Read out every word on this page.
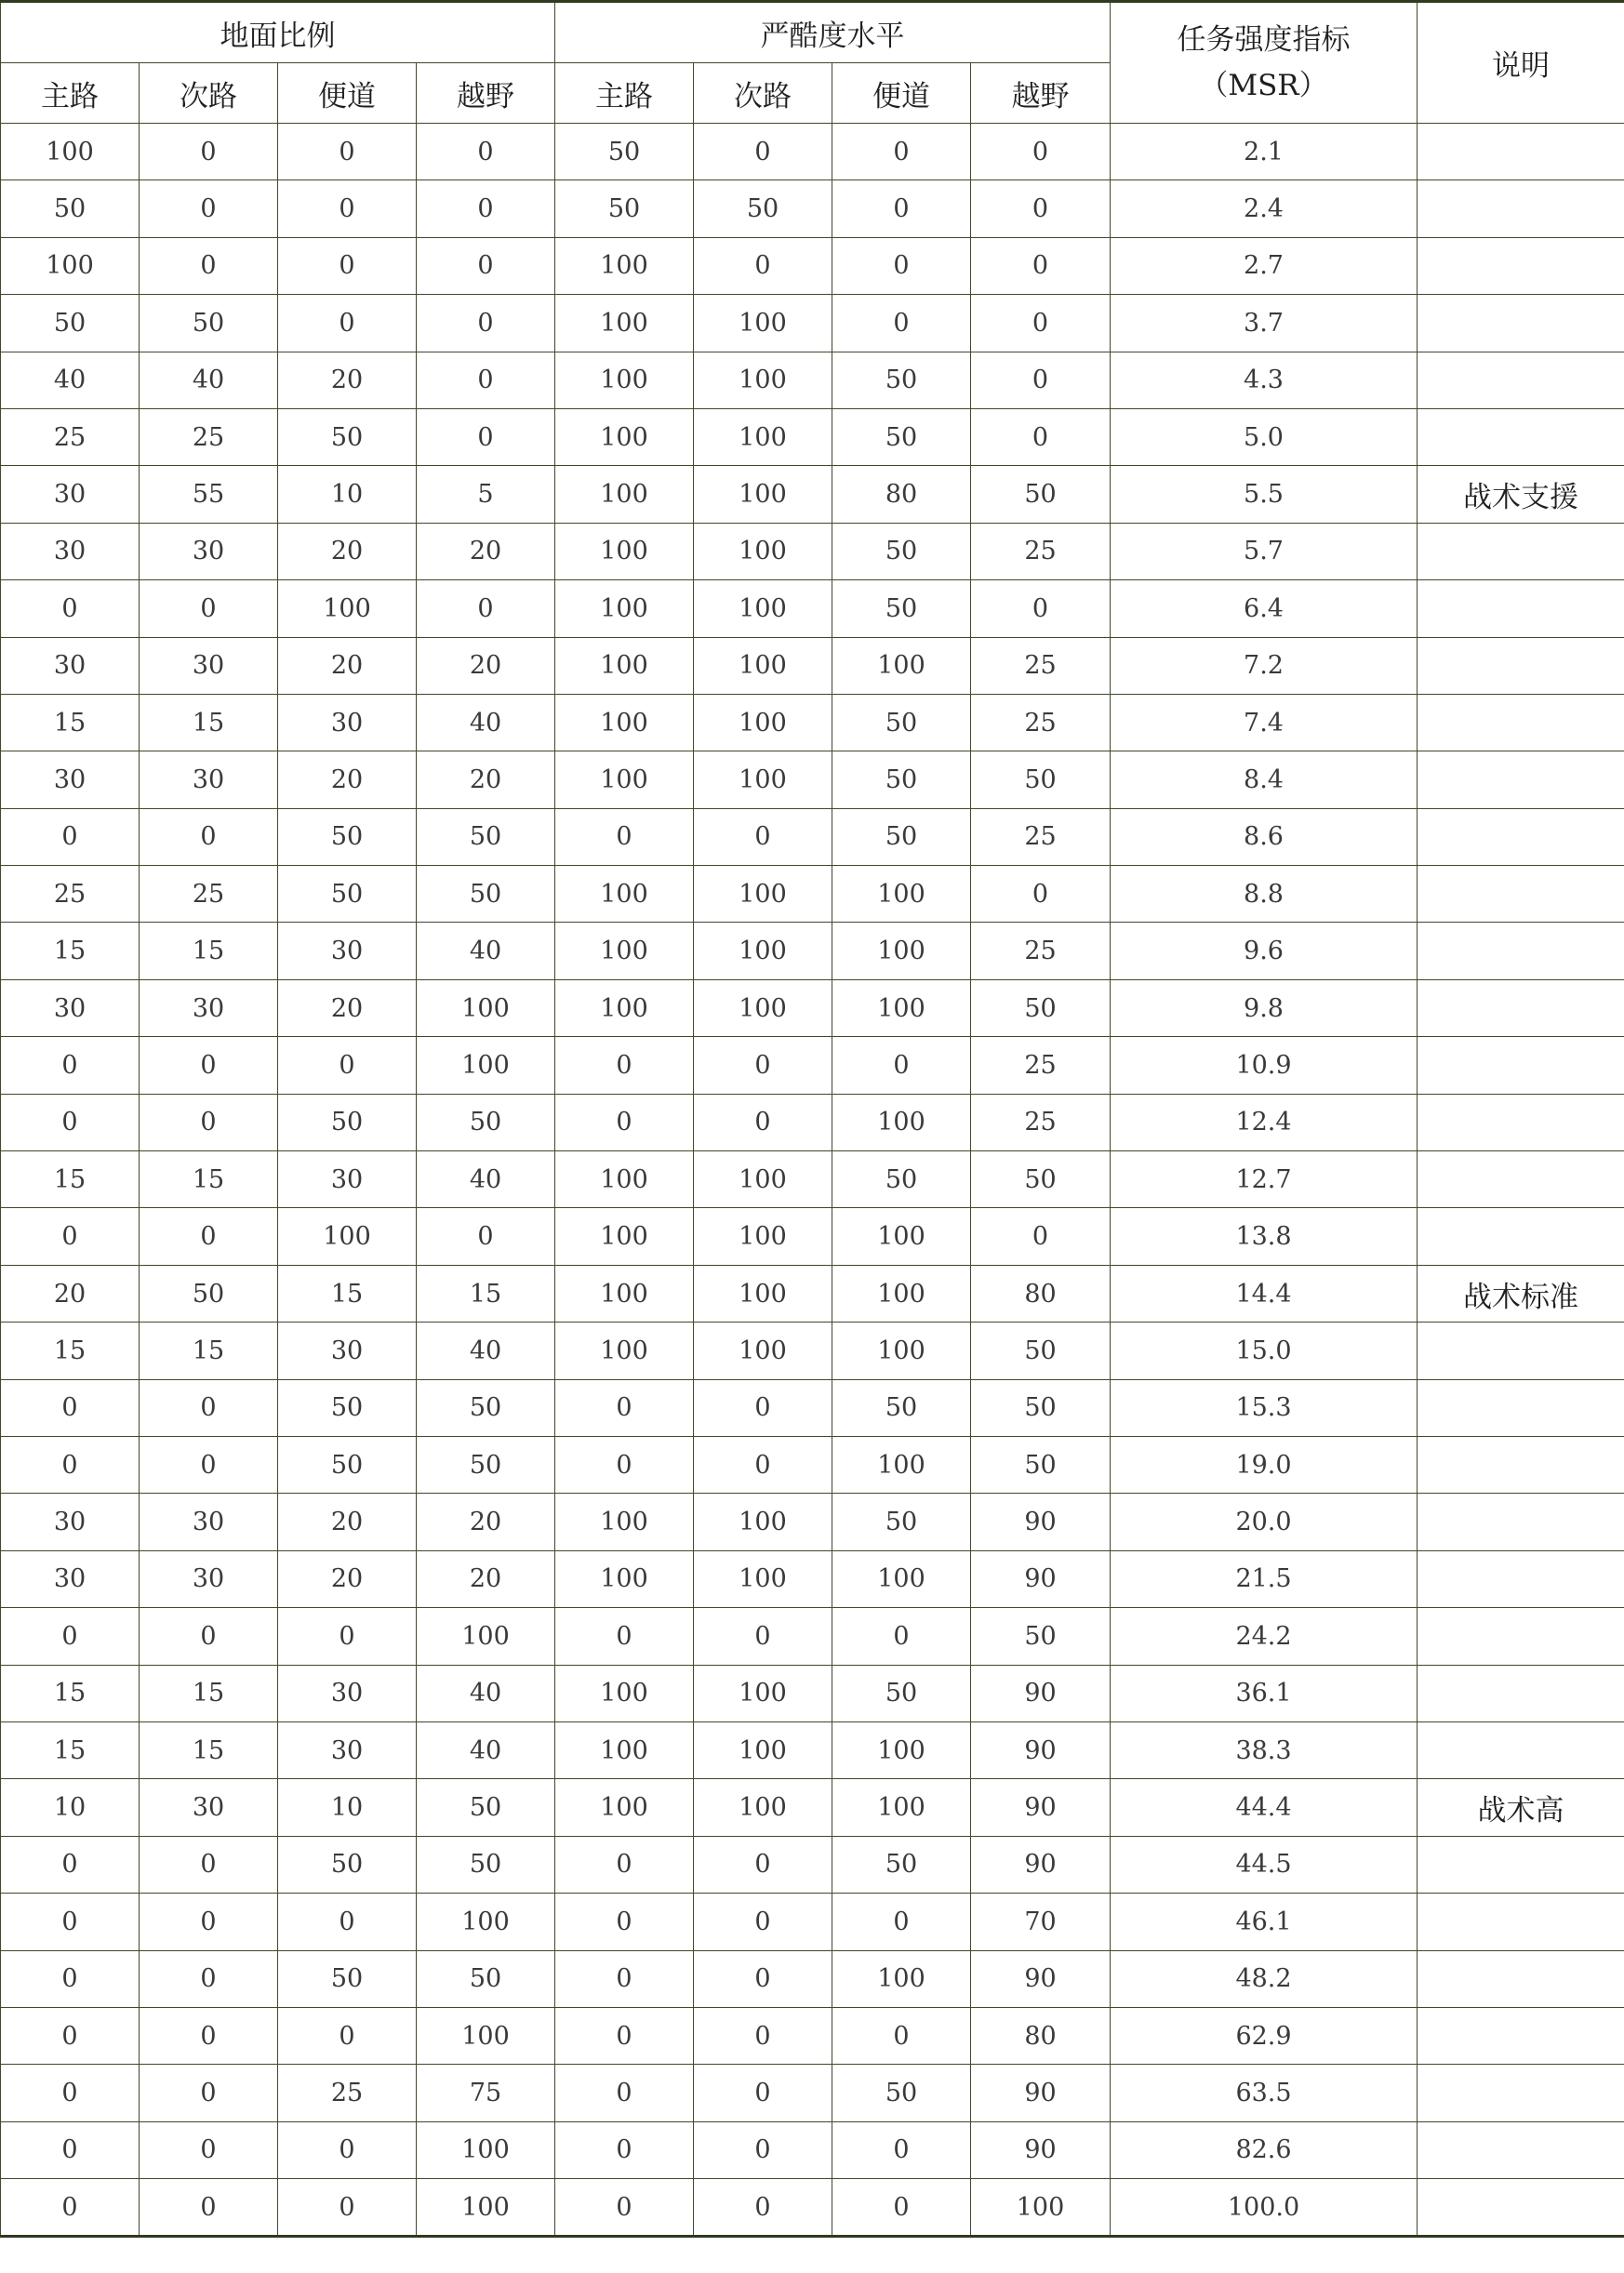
地面比例				严酷度水平				任务强度指标
（MSR）	说明
主路	次路	便道	越野	主路	次路	便道	越野		
100	0	0	0	50	0	0	0	2.1	
50	0	0	0	50	50	0	0	2.4	
100	0	0	0	100	0	0	0	2.7	
50	50	0	0	100	100	0	0	3.7	
40	40	20	0	100	100	50	0	4.3	
25	25	50	0	100	100	50	0	5.0	
30	55	10	5	100	100	80	50	5.5	战术支援
30	30	20	20	100	100	50	25	5.7	
0	0	100	0	100	100	50	0	6.4	
30	30	20	20	100	100	100	25	7.2	
15	15	30	40	100	100	50	25	7.4	
30	30	20	20	100	100	50	50	8.4	
0	0	50	50	0	0	50	25	8.6	
25	25	50	50	100	100	100	0	8.8	
15	15	30	40	100	100	100	25	9.6	
30	30	20	100	100	100	100	50	9.8	
0	0	0	100	0	0	0	25	10.9	
0	0	50	50	0	0	100	25	12.4	
15	15	30	40	100	100	50	50	12.7	
0	0	100	0	100	100	100	0	13.8	
20	50	15	15	100	100	100	80	14.4	战术标准
15	15	30	40	100	100	100	50	15.0	
0	0	50	50	0	0	50	50	15.3	
0	0	50	50	0	0	100	50	19.0	
30	30	20	20	100	100	50	90	20.0	
30	30	20	20	100	100	100	90	21.5	
0	0	0	100	0	0	0	50	24.2	
15	15	30	40	100	100	50	90	36.1	
15	15	30	40	100	100	100	90	38.3	
10	30	10	50	100	100	100	90	44.4	战术高
0	0	50	50	0	0	50	90	44.5	
0	0	0	100	0	0	0	70	46.1	
0	0	50	50	0	0	100	90	48.2	
0	0	0	100	0	0	0	80	62.9	
0	0	25	75	0	0	50	90	63.5	
0	0	0	100	0	0	0	90	82.6	
0	0	0	100	0	0	0	100	100.0	
